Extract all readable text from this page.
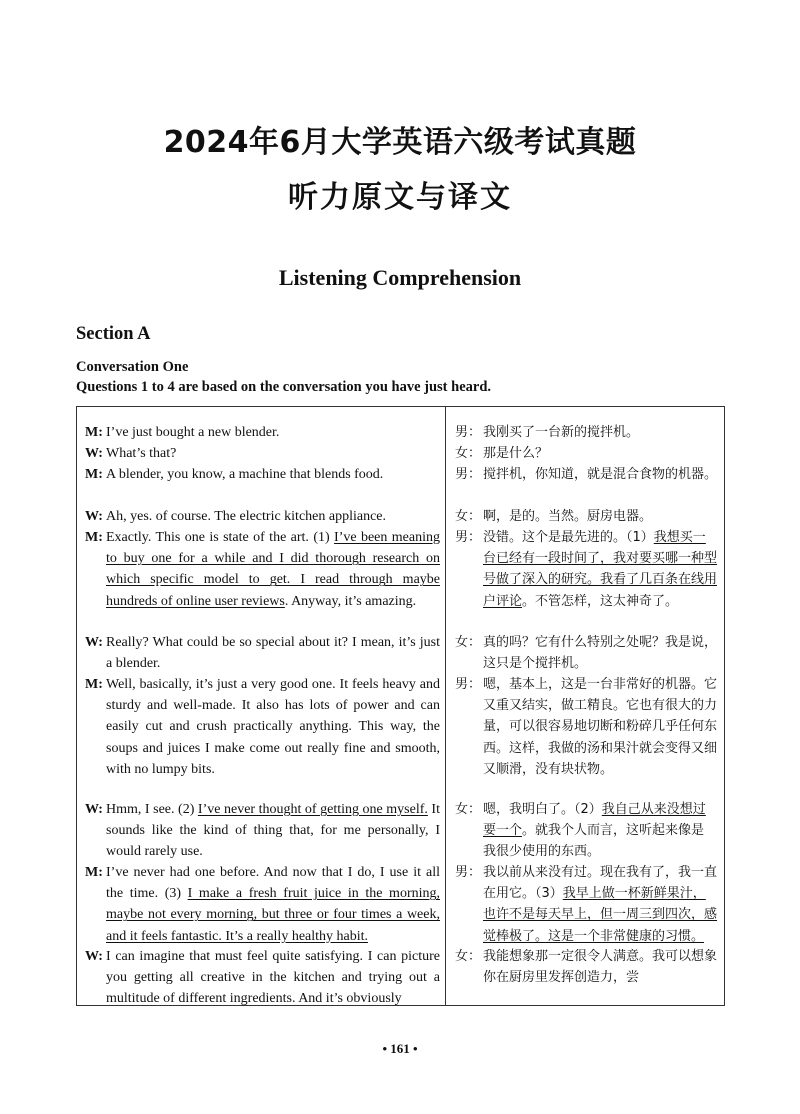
2024年6月大学英语六级考试真题
听力原文与译文
Listening Comprehension
Section A
Conversation One
Questions 1 to 4 are based on the conversation you have just heard.
M: I’ve just bought a new blender.
W: What’s that?
M: A blender, you know, a machine that blends food.
W: Ah, yes. of course. The electric kitchen appliance.
M: Exactly. This one is state of the art. (1) I’ve been meaning to buy one for a while and I did thorough research on which specific model to get. I read through maybe hundreds of online user reviews. Anyway, it’s amazing.
W: Really? What could be so special about it? I mean, it’s just a blender.
M: Well, basically, it’s just a very good one. It feels heavy and sturdy and well-made. It also has lots of power and can easily cut and crush practically anything. This way, the soups and juices I make come out really fine and smooth, with no lumpy bits.
W: Hmm, I see. (2) I’ve never thought of getting one myself. It sounds like the kind of thing that, for me personally, I would rarely use.
M: I’ve never had one before. And now that I do, I use it all the time. (3) I make a fresh fruit juice in the morning, maybe not every morning, but three or four times a week, and it feels fantastic. It’s a really healthy habit.
W: I can imagine that must feel quite satisfying. I can picture you getting all creative in the kitchen and trying out a multitude of different ingredients. And it’s obviously
男： 我刚买了一台新的搅拌机。
女： 那是什么？
男： 搅拌机，你知道，就是混合食物的机器。
女： 啊，是的。当然。厨房电器。
男： 没错。这个是最先进的。（1）我想买一台已经有一段时间了，我对要买哪一种型号做了深入的研究。我看了几百条在线用户评论。不管怎样，这太神奇了。
女： 真的吗？它有什么特别之处呢？我是说，这只是个搅拌机。
男： 嗯，基本上，这是一台非常好的机器。它又重又结实，做工精良。它也有很大的力量，可以很容易地切断和粉碎几乎任何东西。这样，我做的汤和果汁就会变得又细又顺滑，没有块状物。
女： 嗯，我明白了。（2）我自己从来没想过要一个。就我个人而言，这听起来像是我很少使用的东西。
男： 我以前从来没有过。现在我有了，我一直在用它。（3）我早上做一杯新鲜果汁，也许不是每天早上，但一周三到四次，感觉棒极了。这是一个非常健康的习惯。
女： 我能想象那一定很令人满意。我可以想象你在厨房里发挥创造力，尝
• 161 •
